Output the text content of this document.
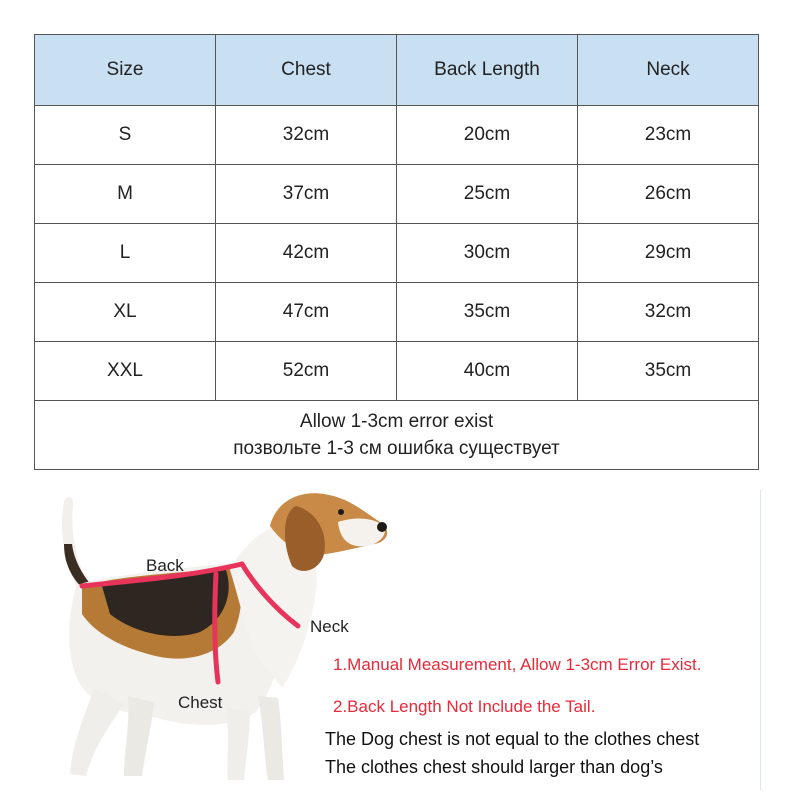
Size	Chest	Back Length	Neck
S	32cm	20cm	23cm
M	37cm	25cm	26cm
L	42cm	30cm	29cm
XL	47cm	35cm	32cm
XXL	52cm	40cm	35cm

Allow 1-3cm error exist
позвольте 1-3 см ошибка существует			
Back
Neck
Chest
1.Manual Measurement, Allow 1-3cm Error Exist.
2.Back Length Not Include the Tail.
The Dog chest is not equal to the clothes chest
The clothes chest should larger than dog’s
